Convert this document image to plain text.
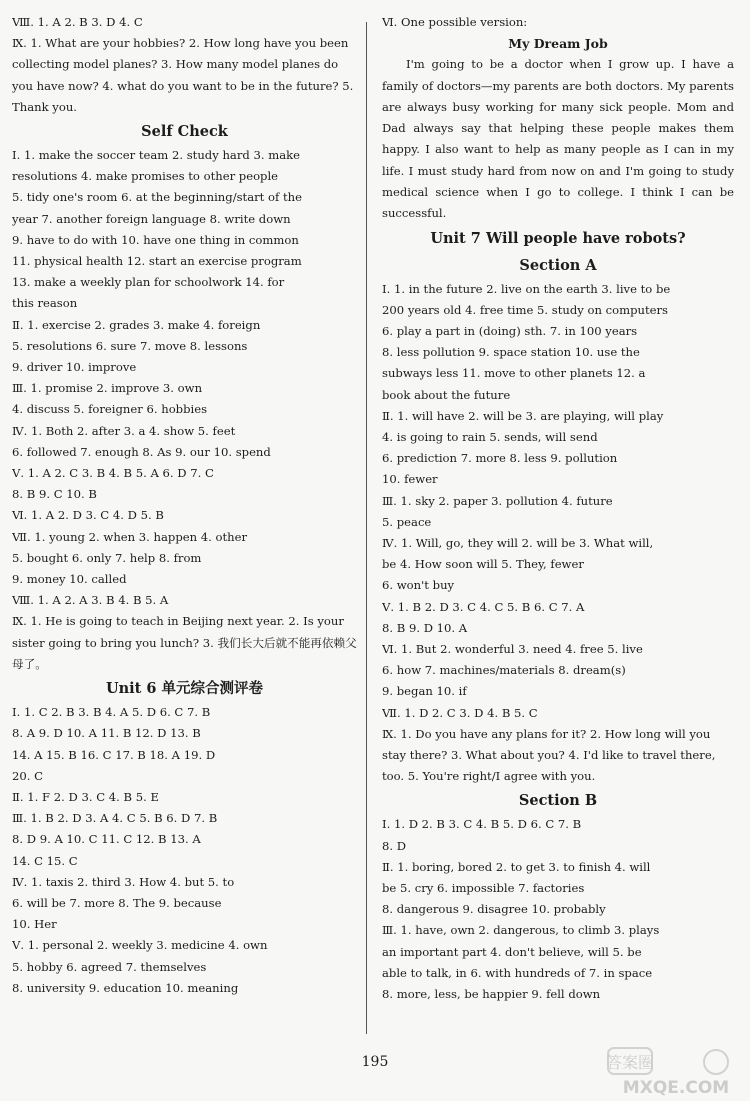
Ⅷ. 1. A 2. B 3. D 4. C
Ⅸ. 1. What are your hobbies? 2. How long have you been collecting model planes? 3. How many model planes do you have now? 4. what do you want to be in the future? 5. Thank you.
Self Check
Ⅰ. 1. make the soccer team 2. study hard 3. make
resolutions 4. make promises to other people
5. tidy one's room 6. at the beginning/start of the
year 7. another foreign language 8. write down
9. have to do with 10. have one thing in common
11. physical health 12. start an exercise program
13. make a weekly plan for schoolwork 14. for
this reason
Ⅱ. 1. exercise 2. grades 3. make 4. foreign
5. resolutions 6. sure 7. move 8. lessons
9. driver 10. improve
Ⅲ. 1. promise 2. improve 3. own
4. discuss 5. foreigner 6. hobbies
Ⅳ. 1. Both 2. after 3. a 4. show 5. feet
6. followed 7. enough 8. As 9. our 10. spend
Ⅴ. 1. A 2. C 3. B 4. B 5. A 6. D 7. C
8. B 9. C 10. B
Ⅵ. 1. A 2. D 3. C 4. D 5. B
Ⅶ. 1. young 2. when 3. happen 4. other
5. bought 6. only 7. help 8. from
9. money 10. called
Ⅷ. 1. A 2. A 3. B 4. B 5. A
Ⅸ. 1. He is going to teach in Beijing next year. 2. Is your sister going to bring you lunch? 3. 我们长大后就不能再依赖父母了。
Unit 6 单元综合测评卷
Ⅰ. 1. C 2. B 3. B 4. A 5. D 6. C 7. B
8. A 9. D 10. A 11. B 12. D 13. B
14. A 15. B 16. C 17. B 18. A 19. D
20. C
Ⅱ. 1. F 2. D 3. C 4. B 5. E
Ⅲ. 1. B 2. D 3. A 4. C 5. B 6. D 7. B
8. D 9. A 10. C 11. C 12. B 13. A
14. C 15. C
Ⅳ. 1. taxis 2. third 3. How 4. but 5. to
6. will be 7. more 8. The 9. because
10. Her
Ⅴ. 1. personal 2. weekly 3. medicine 4. own
5. hobby 6. agreed 7. themselves
8. university 9. education 10. meaning
Ⅵ. One possible version:
My Dream Job
I'm going to be a doctor when I grow up. I have a family of doctors—my parents are both doctors. My parents are always busy working for many sick people. Mom and Dad always say that helping these people makes them happy. I also want to help as many people as I can in my life. I must study hard from now on and I'm going to study medical science when I go to college. I think I can be successful.
Unit 7 Will people have robots?
Section A
Ⅰ. 1. in the future 2. live on the earth 3. live to be
200 years old 4. free time 5. study on computers
6. play a part in (doing) sth. 7. in 100 years
8. less pollution 9. space station 10. use the
subways less 11. move to other planets 12. a
book about the future
Ⅱ. 1. will have 2. will be 3. are playing, will play
4. is going to rain 5. sends, will send
6. prediction 7. more 8. less 9. pollution
10. fewer
Ⅲ. 1. sky 2. paper 3. pollution 4. future
5. peace
Ⅳ. 1. Will, go, they will 2. will be 3. What will,
be 4. How soon will 5. They, fewer
6. won't buy
Ⅴ. 1. B 2. D 3. C 4. C 5. B 6. C 7. A
8. B 9. D 10. A
Ⅵ. 1. But 2. wonderful 3. need 4. free 5. live
6. how 7. machines/materials 8. dream(s)
9. began 10. if
Ⅶ. 1. D 2. C 3. D 4. B 5. C
Ⅸ. 1. Do you have any plans for it? 2. How long will you stay there? 3. What about you? 4. I'd like to travel there, too. 5. You're right/I agree with you.
Section B
Ⅰ. 1. D 2. B 3. C 4. B 5. D 6. C 7. B
8. D
Ⅱ. 1. boring, bored 2. to get 3. to finish 4. will
be 5. cry 6. impossible 7. factories
8. dangerous 9. disagree 10. probably
Ⅲ. 1. have, own 2. dangerous, to climb 3. plays
an important part 4. don't believe, will 5. be
able to talk, in 6. with hundreds of 7. in space
8. more, less, be happier 9. fell down
195	答案圈
MXQE.COM
